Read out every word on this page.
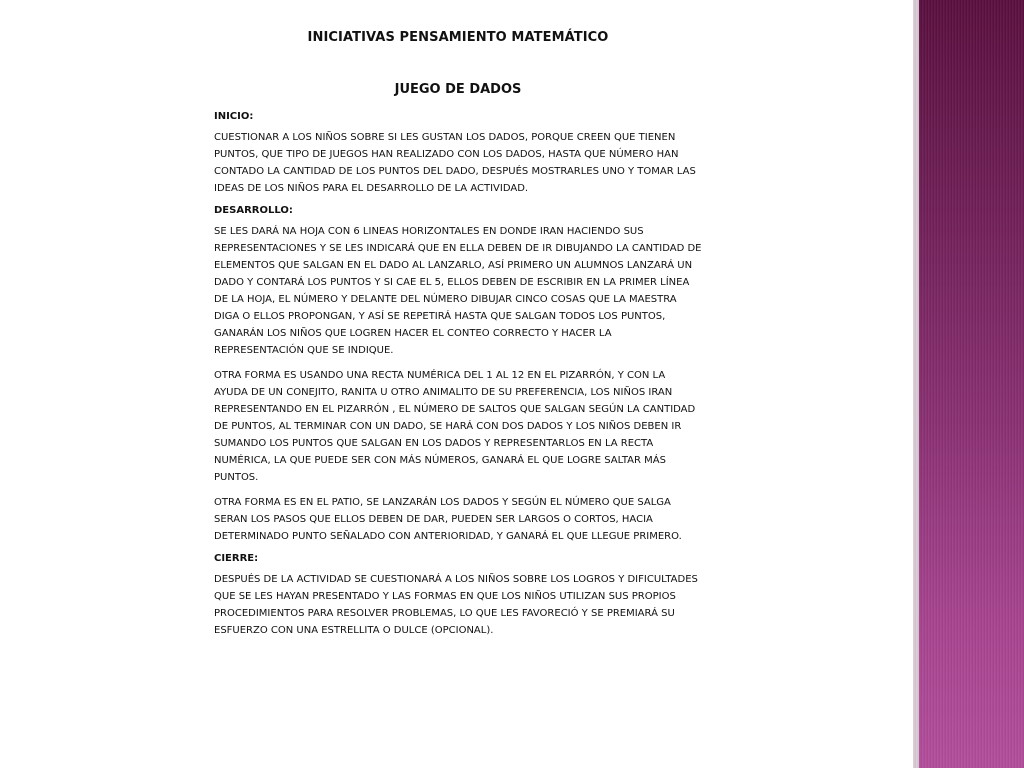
INICIATIVAS PENSAMIENTO MATEMÁTICO
JUEGO DE DADOS
INICIO:

CUESTIONAR A LOS NIÑOS SOBRE SI LES GUSTAN LOS DADOS, PORQUE CREEN QUE TIENEN PUNTOS, QUE TIPO DE JUEGOS HAN REALIZADO CON LOS DADOS, HASTA QUE NÚMERO HAN CONTADO LA CANTIDAD DE LOS PUNTOS DEL DADO, DESPUÉS MOSTRARLES UNO Y TOMAR LAS IDEAS DE LOS NIÑOS PARA EL DESARROLLO DE LA ACTIVIDAD.

DESARROLLO:

SE LES DARÁ NA HOJA CON 6 LINEAS HORIZONTALES EN DONDE IRAN HACIENDO SUS REPRESENTACIONES Y SE LES INDICARÁ QUE EN ELLA DEBEN DE IR DIBUJANDO LA CANTIDAD DE ELEMENTOS QUE SALGAN EN EL DADO AL LANZARLO, ASÍ PRIMERO UN ALUMNOS LANZARÁ UN DADO Y CONTARÁ LOS PUNTOS Y SI CAE EL 5, ELLOS DEBEN DE ESCRIBIR EN LA PRIMER LÍNEA DE LA HOJA, EL NÚMERO Y DELANTE DEL NÚMERO DIBUJAR CINCO COSAS QUE LA MAESTRA DIGA O ELLOS PROPONGAN, Y ASÍ SE REPETIRÁ HASTA QUE SALGAN TODOS LOS PUNTOS, GANARÁN LOS NIÑOS QUE LOGREN HACER EL CONTEO CORRECTO Y HACER LA REPRESENTACIÓN QUE SE INDIQUE.

OTRA FORMA ES USANDO UNA RECTA NUMÉRICA DEL 1 AL 12 EN EL PIZARRÓN, Y CON LA AYUDA DE UN CONEJITO, RANITA U OTRO ANIMALITO DE SU PREFERENCIA, LOS NIÑOS IRAN REPRESENTANDO EN EL PIZARRÓN , EL NÚMERO DE SALTOS QUE SALGAN SEGÚN LA CANTIDAD DE PUNTOS, AL TERMINAR CON UN DADO, SE HARÁ CON DOS DADOS Y LOS NIÑOS DEBEN IR SUMANDO LOS PUNTOS QUE SALGAN EN LOS DADOS Y REPRESENTARLOS EN LA RECTA NUMÉRICA, LA QUE PUEDE SER CON MÁS NÚMEROS, GANARÁ EL QUE LOGRE SALTAR MÁS PUNTOS.

OTRA FORMA ES EN EL PATIO, SE LANZARÁN LOS DADOS Y SEGÚN EL NÚMERO QUE SALGA SERAN LOS PASOS QUE ELLOS DEBEN DE DAR, PUEDEN SER LARGOS O CORTOS, HACIA DETERMINADO PUNTO SEÑALADO CON ANTERIORIDAD, Y GANARÁ EL QUE LLEGUE PRIMERO.

CIERRE:

DESPUÉS DE LA ACTIVIDAD SE CUESTIONARÁ A LOS NIÑOS SOBRE LOS LOGROS Y DIFICULTADES QUE SE LES HAYAN PRESENTADO Y LAS FORMAS EN QUE LOS NIÑOS UTILIZAN SUS PROPIOS PROCEDIMIENTOS PARA RESOLVER PROBLEMAS, LO QUE LES FAVORECIÓ Y SE PREMIARÁ SU ESFUERZO CON UNA ESTRELLITA O DULCE (OPCIONAL).
